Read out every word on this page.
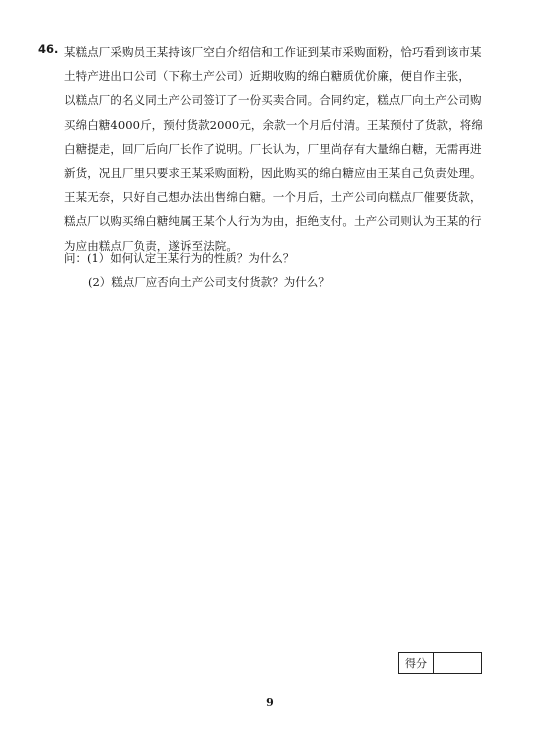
46. 某糕点厂采购员王某持该厂空白介绍信和工作证到某市采购面粉，恰巧看到该市某
土特产进出口公司（下称土产公司）近期收购的绵白糖质优价廉，便自作主张，
以糕点厂的名义同土产公司签订了一份买卖合同。合同约定，糕点厂向土产公司购
买绵白糖4000斤，预付货款2000元，余款一个月后付清。王某预付了货款，将绵
白糖提走，回厂后向厂长作了说明。厂长认为，厂里尚存有大量绵白糖，无需再进
新货，况且厂里只要求王某采购面粉，因此购买的绵白糖应由王某自己负责处理。
王某无奈，只好自己想办法出售绵白糖。一个月后，土产公司向糕点厂催要货款，
糕点厂以购买绵白糖纯属王某个人行为为由，拒绝支付。土产公司则认为王某的行
为应由糕点厂负责，遂诉至法院。
问：(1）如何认定王某行为的性质？为什么？
(2）糕点厂应否向土产公司支付货款？为什么？
得分
9
